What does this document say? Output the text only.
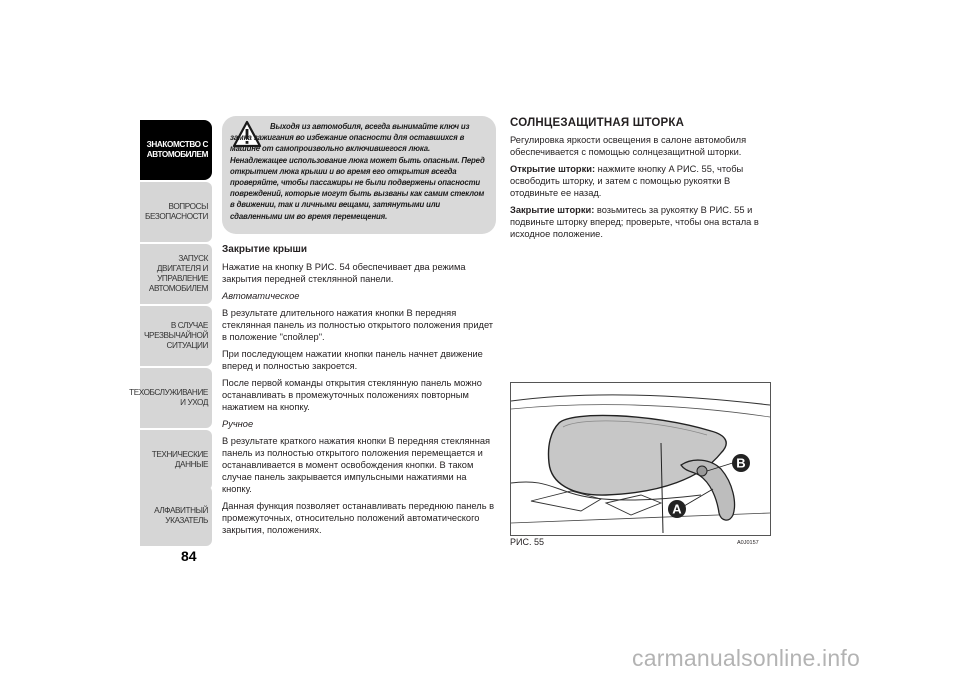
ЗНАКОМСТВО С
АВТОМОБИЛЕМ
ВОПРОСЫ
БЕЗОПАСНОСТИ
ЗАПУСК ДВИГАТЕЛЯ И
УПРАВЛЕНИЕ
АВТОМОБИЛЕМ
В СЛУЧАЕ
ЧРЕЗВЫЧАЙНОЙ
СИТУАЦИИ
ТЕХОБСЛУЖИВАНИЕ
И УХОД
ТЕХНИЧЕСКИЕ
ДАННЫЕ
АЛФАВИТНЫЙ
УКАЗАТЕЛЬ
84
Выходя из автомобиля, всегда вынимайте ключ из замка зажигания во избежание опасности для оставшихся в машине от самопроизвольно включившегося люка. Ненадлежащее использование люка может быть опасным. Перед открытием люка крыши и во время его открытия всегда проверяйте, чтобы пассажиры не были подвержены опасности повреждений, которые могут быть вызваны как самим стеклом в движении, так и личными вещами, затянутыми или сдавленными им во время перемещения.
Закрытие крыши

Нажатие на кнопку B РИС. 54 обеспечивает два режима закрытия передней стеклянной панели.

Автоматическое

В результате длительного нажатия кнопки B передняя стеклянная панель из полностью открытого положения придет в положение "спойлер".

При последующем нажатии кнопки панель начнет движение вперед и полностью закроется.

После первой команды открытия стеклянную панель можно останавливать в промежуточных положениях повторным нажатием на кнопку.

Ручное

В результате краткого нажатия кнопки B передняя стеклянная панель из полностью открытого положения перемещается и останавливается в момент освобождения кнопки. В таком случае панель закрывается импульсными нажатиями на кнопку.

Данная функция позволяет останавливать переднюю панель в промежуточных, относительно положений автоматического закрытия, положениях.

СОЛНЦЕЗАЩИТНАЯ ШТОРКА

Регулировка яркости освещения в салоне автомобиля обеспечивается с помощью солнцезащитной шторки.

Открытие шторки: нажмите кнопку A РИС. 55, чтобы освободить шторку, и затем с помощью рукоятки B отодвиньте ее назад.

Закрытие шторки: возьмитесь за рукоятку B РИС. 55 и подвиньте шторку вперед; проверьте, чтобы она встала в исходное положение.

B
A
РИС. 55	A0J0157
carmanualsonline.info
